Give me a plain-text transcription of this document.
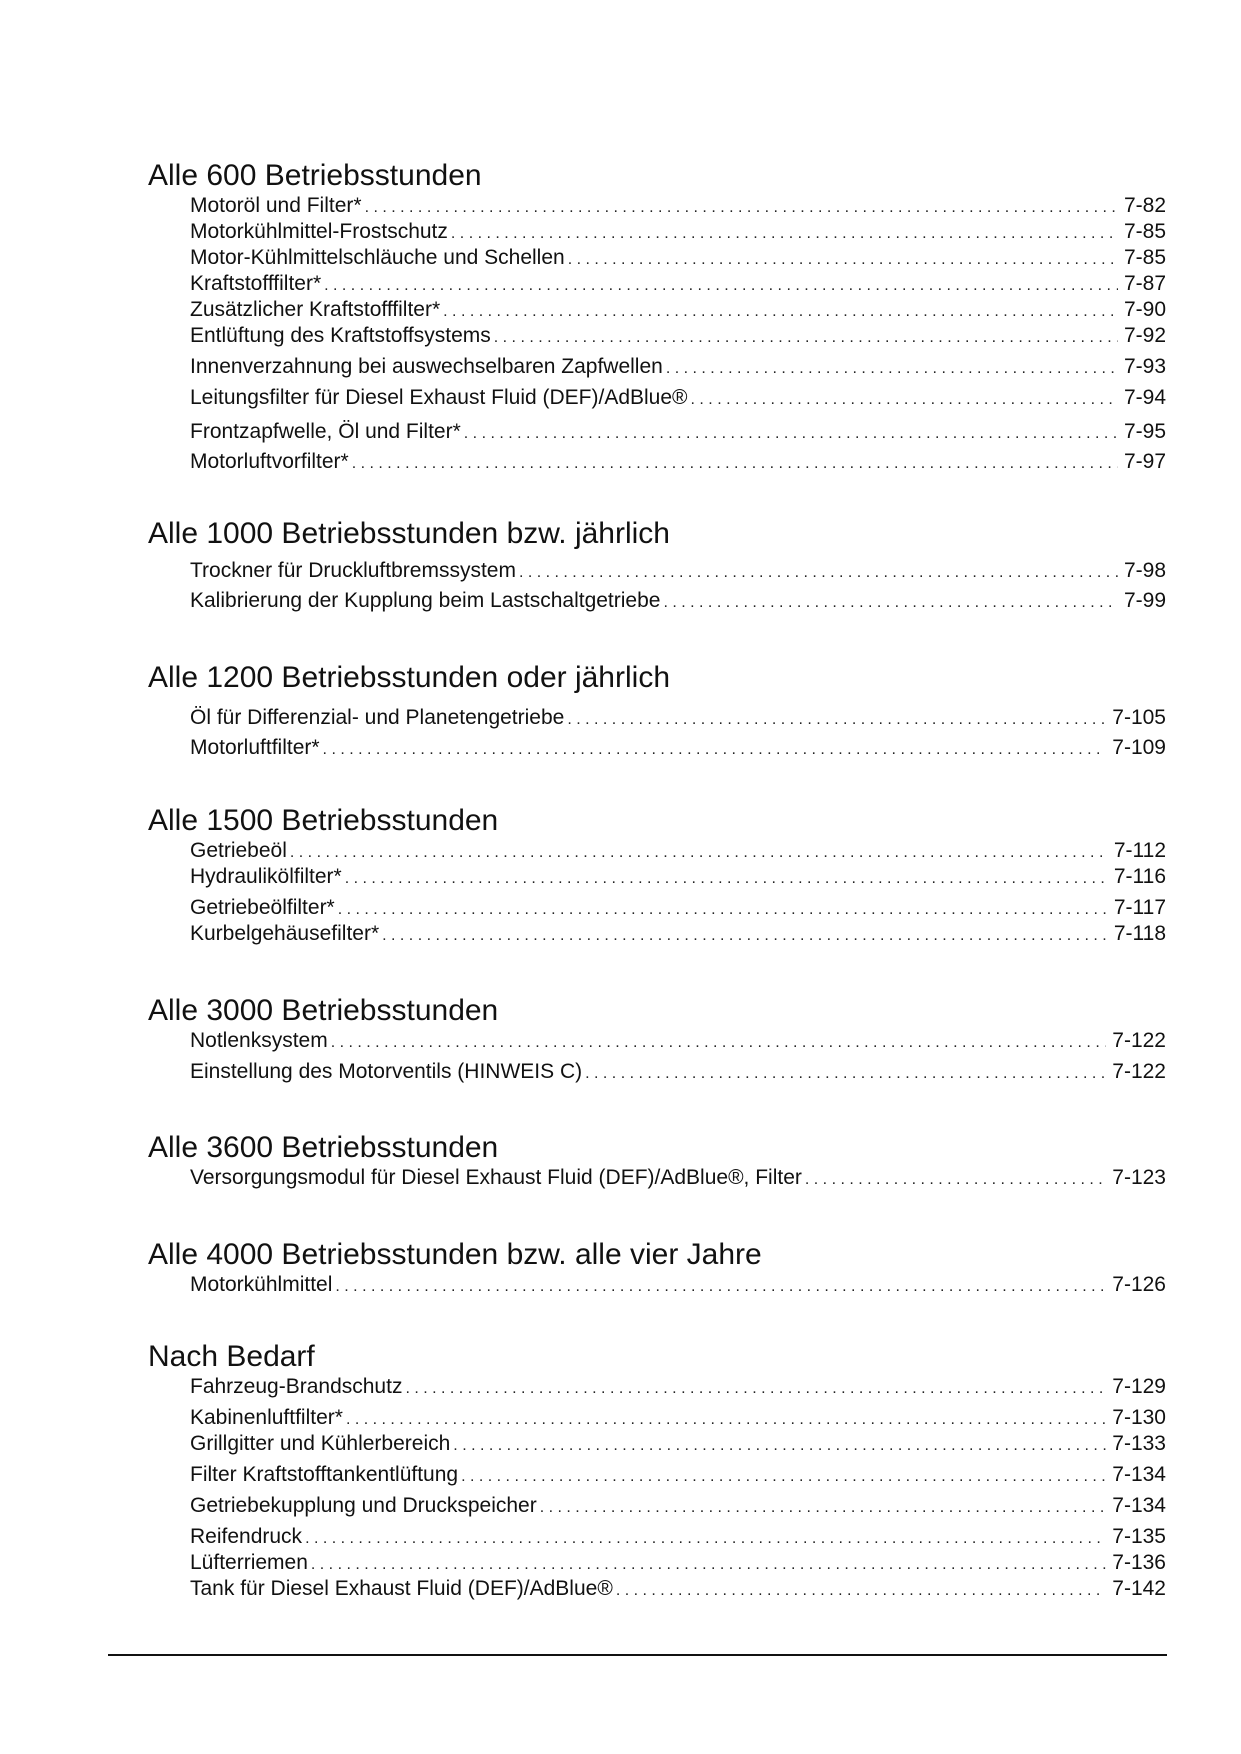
Alle 600 Betriebsstunden
Motoröl und Filter* . . .	7-82
Motorkühlmittel-Frostschutz . . .	7-85
Motor-Kühlmittelschläuche und Schellen . . .	7-85
Kraftstofffilter* . . .	7-87
Zusätzlicher Kraftstofffilter* . . .	7-90
Entlüftung des Kraftstoffsystems . . .	7-92
Innenverzahnung bei auswechselbaren Zapfwellen . . .	7-93
Leitungsfilter für Diesel Exhaust Fluid (DEF)/AdBlue® . . .	7-94
Frontzapfwelle, Öl und Filter* . . .	7-95
Motorluftvorfilter* . . .	7-97
Alle 1000 Betriebsstunden bzw. jährlich
Trockner für Druckluftbremssystem . . .	7-98
Kalibrierung der Kupplung beim Lastschaltgetriebe . . .	7-99
Alle 1200 Betriebsstunden oder jährlich
Öl für Differenzial- und Planetengetriebe . . .	7-105
Motorluftfilter* . . .	7-109
Alle 1500 Betriebsstunden
Getriebeöl . . .	7-112
Hydraulikölfilter* . . .	7-116
Getriebeölfilter* . . .	7-117
Kurbelgehäusefilter* . . .	7-118
Alle 3000 Betriebsstunden
Notlenksystem . . .	7-122
Einstellung des Motorventils (HINWEIS C) . . .	7-122
Alle 3600 Betriebsstunden
Versorgungsmodul für Diesel Exhaust Fluid (DEF)/AdBlue®, Filter . . .	7-123
Alle 4000 Betriebsstunden bzw. alle vier Jahre
Motorkühlmittel . . .	7-126
Nach Bedarf
Fahrzeug-Brandschutz . . .	7-129
Kabinenluftfilter* . . .	7-130
Grillgitter und Kühlerbereich . . .	7-133
Filter Kraftstofftankentlüftung . . .	7-134
Getriebekupplung und Druckspeicher . . .	7-134
Reifendruck . . .	7-135
Lüfterriemen . . .	7-136
Tank für Diesel Exhaust Fluid (DEF)/AdBlue® . . .	7-142
